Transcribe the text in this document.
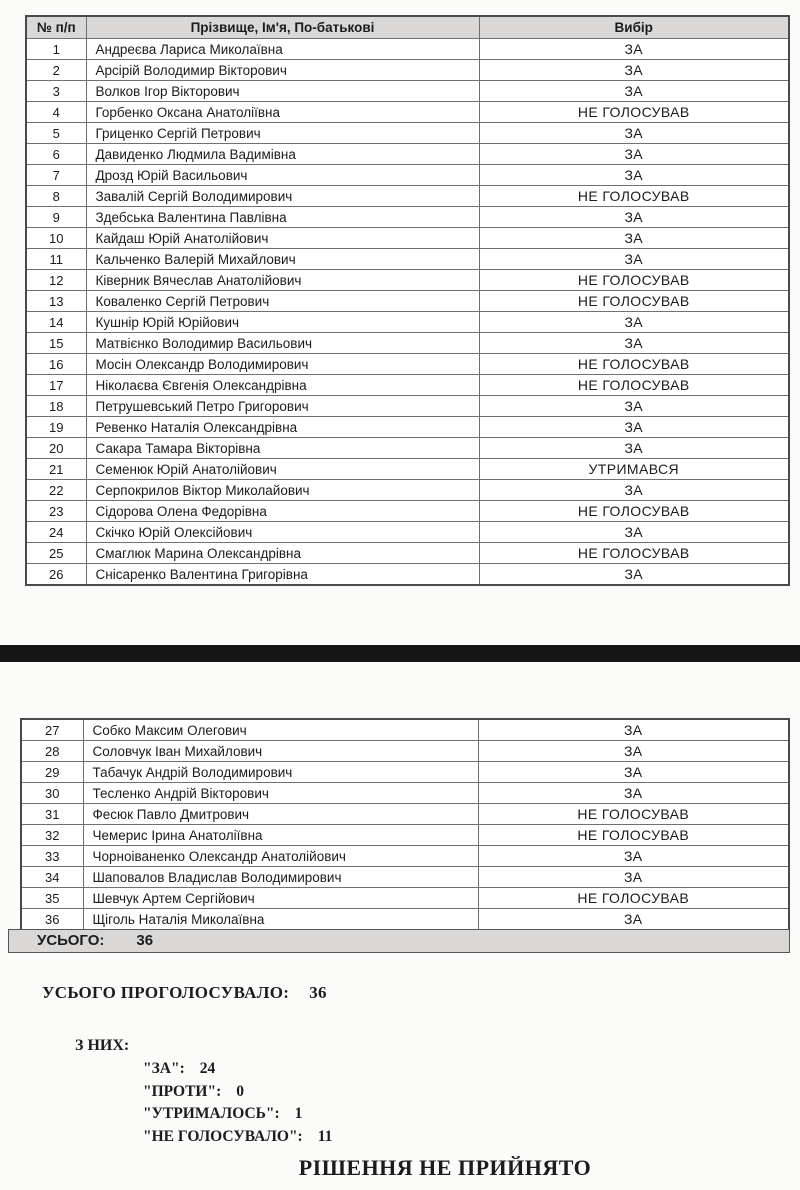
№ п/п	Прізвище, Ім'я, По-батькові	Вибір
1	Андреєва Лариса Миколаївна	ЗА
2	Арсірій Володимир Вікторович	ЗА
3	Волков Ігор Вікторович	ЗА
4	Горбенко Оксана Анатоліївна	НЕ ГОЛОСУВАВ
5	Гриценко Сергій Петрович	ЗА
6	Давиденко Людмила Вадимівна	ЗА
7	Дрозд Юрій Васильович	ЗА
8	Завалій Сергій Володимирович	НЕ ГОЛОСУВАВ
9	Здебська Валентина Павлівна	ЗА
10	Кайдаш Юрій Анатолійович	ЗА
11	Кальченко Валерій Михайлович	ЗА
12	Ківерник Вячеслав Анатолійович	НЕ ГОЛОСУВАВ
13	Коваленко Сергій Петрович	НЕ ГОЛОСУВАВ
14	Кушнір Юрій Юрійович	ЗА
15	Матвієнко Володимир Васильович	ЗА
16	Мосін Олександр Володимирович	НЕ ГОЛОСУВАВ
17	Ніколаєва Євгенія Олександрівна	НЕ ГОЛОСУВАВ
18	Петрушевський Петро Григорович	ЗА
19	Ревенко Наталія Олександрівна	ЗА
20	Сакара Тамара Вікторівна	ЗА
21	Семенюк Юрій Анатолійович	УТРИМАВСЯ
22	Серпокрилов Віктор Миколайович	ЗА
23	Сідорова Олена Федорівна	НЕ ГОЛОСУВАВ
24	Скічко Юрій Олексійович	ЗА
25	Смаглюк Марина Олександрівна	НЕ ГОЛОСУВАВ
26	Снісаренко Валентина Григорівна	ЗА
27	Собко Максим Олегович	ЗА
28	Соловчук Іван Михайлович	ЗА
29	Табачук Андрій Володимирович	ЗА
30	Тесленко Андрій Вікторович	ЗА
31	Фесюк Павло Дмитрович	НЕ ГОЛОСУВАВ
32	Чемерис Ірина Анатоліївна	НЕ ГОЛОСУВАВ
33	Чорноіваненко Олександр Анатолійович	ЗА
34	Шаповалов Владислав Володимирович	ЗА
35	Шевчук Артем Сергійович	НЕ ГОЛОСУВАВ
36	Щіголь Наталія Миколаївна	ЗА
УСЬОГО: 36
УСЬОГО ПРОГОЛОСУВАЛО: 36
З НИХ:
"ЗА": 24
"ПРОТИ": 0
"УТРИМАЛОСЬ": 1
"НЕ ГОЛОСУВАЛО": 11
РІШЕННЯ НЕ ПРИЙНЯТО
